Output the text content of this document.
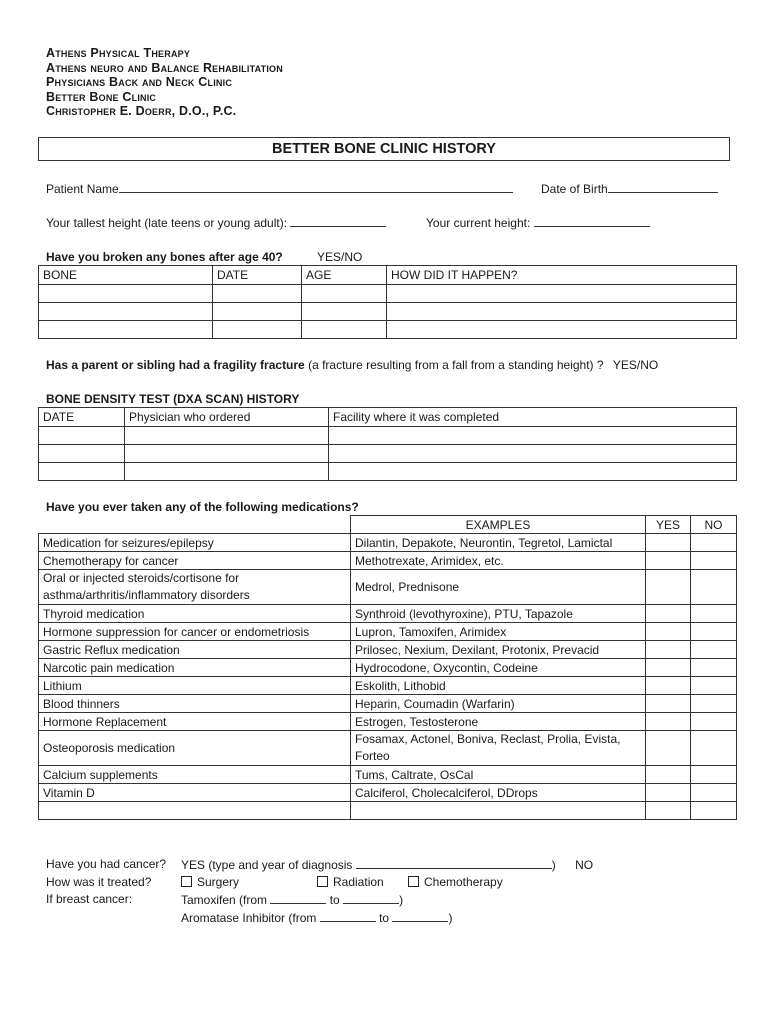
Athens Physical Therapy
Athens neuro and Balance Rehabilitation
Physicians Back and Neck Clinic
Better Bone Clinic
Christopher E. Doerr, D.O., P.C.
BETTER BONE CLINIC HISTORY
Patient Name	Date of Birth
Your tallest height (late teens or young adult):	Your current height:
Have you broken any bones after age 40?	YES/NO
BONE	DATE	AGE	HOW DID IT HAPPEN?

Has a parent or sibling had a fragility fracture (a fracture resulting from a fall from a standing height) ? YES/NO
BONE DENSITY TEST (DXA SCAN) HISTORY
DATE	Physician who ordered	Facility where it was completed

Have you ever taken any of the following medications?
	EXAMPLES	YES	NO
Medication for seizures/epilepsy	Dilantin, Depakote, Neurontin, Tegretol, Lamictal		
Chemotherapy for cancer	Methotrexate, Arimidex, etc.		
Oral or injected steroids/cortisone for asthma/arthritis/inflammatory disorders	Medrol, Prednisone		
Thyroid medication	Synthroid (levothyroxine), PTU, Tapazole		
Hormone suppression for cancer or endometriosis	Lupron, Tamoxifen, Arimidex		
Gastric Reflux medication	Prilosec, Nexium, Dexilant, Protonix, Prevacid		
Narcotic pain medication	Hydrocodone, Oxycontin, Codeine		
Lithium	Eskolith, Lithobid		
Blood thinners	Heparin, Coumadin (Warfarin)		
Hormone Replacement	Estrogen, Testosterone		
Osteoporosis medication	Fosamax, Actonel, Boniva, Reclast, Prolia, Evista, Forteo		
Calcium supplements	Tums, Caltrate, OsCal		
Vitamin D	Calciferol, Cholecalciferol, DDrops		

Have you had cancer? YES (type and year of diagnosis	) NO
How was it treated?	Surgery	Radiation	Chemotherapy
If breast cancer:	Tamoxifen (from	to	)
Aromatase Inhibitor (from	to	)
